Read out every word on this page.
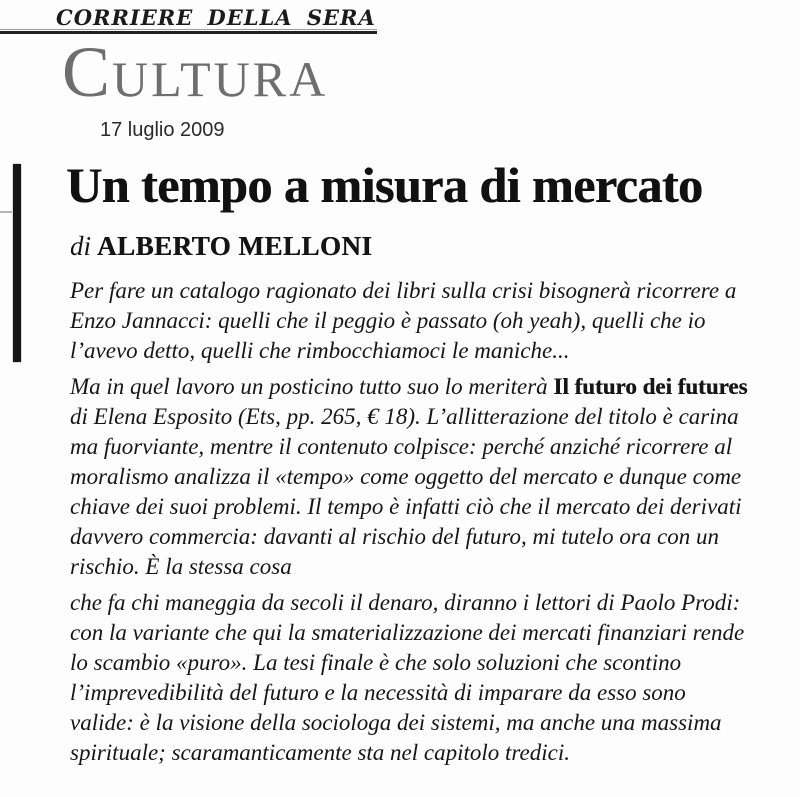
CORRIERE DELLA SERA
CULTURA
17 luglio 2009
Un tempo a misura di mercato

di ALBERTO MELLONI

Per fare un catalogo ragionato dei libri sulla crisi bisognerà ricorrere a Enzo Jannacci: quelli che il peggio è passato (oh yeah), quelli che io l’avevo detto, quelli che rimbocchiamoci le maniche...

Ma in quel lavoro un posticino tutto suo lo meriterà Il futuro dei futures di Elena Esposito (Ets, pp. 265, € 18). L’allitterazione del titolo è carina ma fuorviante, mentre il contenuto colpisce: perché anziché ricorrere al moralismo analizza il «tempo» come oggetto del mercato e dunque come chiave dei suoi problemi. Il tempo è infatti ciò che il mercato dei derivati davvero commercia: davanti al rischio del futuro, mi tutelo ora con un rischio. È la stessa cosa

che fa chi maneggia da secoli il denaro, diranno i lettori di Paolo Prodi: con la variante che qui la smaterializzazione dei mercati finanziari rende lo scambio «puro». La tesi finale è che solo soluzioni che scontino l’imprevedibilità del futuro e la necessità di imparare da esso sono valide: è la visione della sociologa dei sistemi, ma anche una massima spirituale; scaramanticamente sta nel capitolo tredici.
